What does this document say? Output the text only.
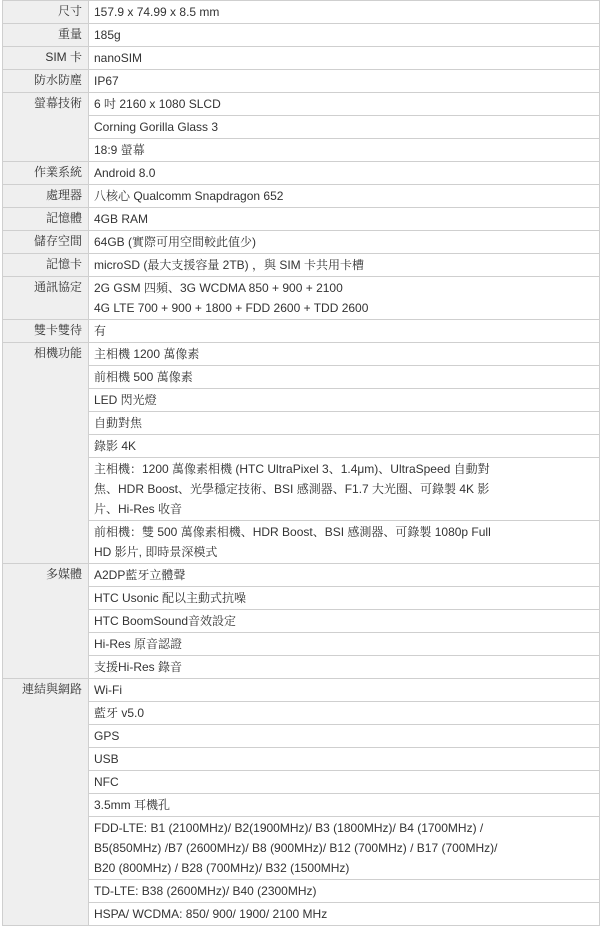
尺寸	157.9 x 74.99 x 8.5 mm

重量	185g

SIM 卡	nanoSIM

防水防塵	IP67

螢幕技術	6 吋 2160 x 1080 SLCD

	Corning Gorilla Glass 3

	18:9 螢幕

作業系統	Android 8.0

處理器	八核心 Qualcomm Snapdragon 652

記憶體	4GB RAM

儲存空間	64GB (實際可用空間較此值少)

記憶卡	microSD (最大支援容量 2TB) ，與 SIM 卡共用卡槽

通訊協定	2G GSM 四頻、3G WCDMA 850 + 900 + 2100
4G LTE 700 + 900 + 1800 + FDD 2600 + TDD 2600

雙卡雙待	有

相機功能	主相機 1200 萬像素

	前相機 500 萬像素

	LED 閃光燈

	自動對焦

	錄影 4K

	主相機：1200 萬像素相機 (HTC UltraPixel 3、1.4μm)、UltraSpeed 自動對
焦、HDR Boost、光學穩定技術、BSI 感測器、F1.7 大光圈、可錄製 4K 影
片、Hi-Res 收音

	前相機：雙 500 萬像素相機、HDR Boost、BSI 感測器、可錄製 1080p Full
HD 影片, 即時景深模式

多媒體	A2DP藍牙立體聲

	HTC Usonic 配以主動式抗噪

	HTC BoomSound音效設定

	Hi-Res 原音認證

	支援Hi-Res 錄音

連結與網路	Wi-Fi

	藍牙 v5.0

	GPS

	USB

	NFC

	3.5mm 耳機孔

	FDD-LTE: B1 (2100MHz)/ B2(1900MHz)/ B3 (1800MHz)/ B4 (1700MHz) /
B5(850MHz) /B7 (2600MHz)/ B8 (900MHz)/ B12 (700MHz) / B17 (700MHz)/
B20 (800MHz) / B28 (700MHz)/ B32 (1500MHz)

	TD-LTE: B38 (2600MHz)/ B40 (2300MHz)

	HSPA/ WCDMA: 850/ 900/ 1900/ 2100 MHz
